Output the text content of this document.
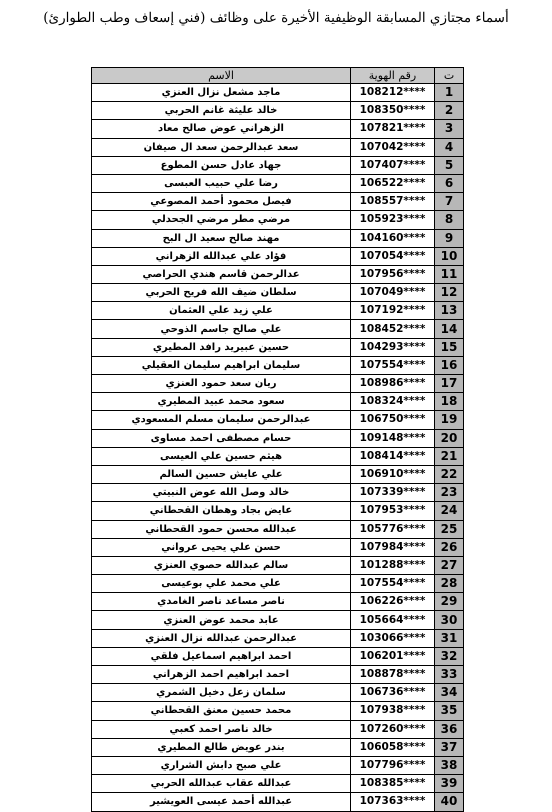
أسماء مجتازي المسابقة الوظيفية الأخيرة على وظائف (فني إسعاف وطب الطوارئ)
ت	رقم الهوية	الاسم
1	108212****	ماجد مشعل نزال العنزي
2	108350****	خالد عليثة غانم الحربي
3	107821****	الزهراني عوض صالح معاد
4	107042****	سعد عبدالرحمن سعد ال صيفان
5	107407****	جهاد عادل حسن المطوع
6	106522****	رضا علي حبيب العبسى
7	108557****	فيصل محمود أحمد المصوعي
8	105923****	مرضي مطر مرضي الجحدلي
9	104160****	مهند صالح سعيد ال البح
10	107054****	فؤاد علي عبدالله الزهراني
11	107956****	عدالرحمن قاسم هندي الحراصي
12	107049****	سلطان ضيف الله فريح الحربي
13	107192****	علي زيد علي العثمان
14	108452****	علي صالح جاسم الذوحي
15	104293****	حسين عبيريد رافد المطيري
16	107554****	سليمان ابراهيم سليمان العقيلي
17	108986****	ريان سعد حمود العنزي
18	108324****	سعود محمد عبيد المطيري
19	106750****	عبدالرحمن سليمان مسلم المسعودي
20	109148****	حسام مصطفى احمد مساوى
21	108414****	هيثم حسين علي العيسى
22	106910****	علي عايش حسين السالم
23	107339****	خالد وصل الله عوض النبيتي
24	107953****	عايض بجاد وهطان القحطاني
25	105776****	عبدالله محسن حمود القحطاني
26	107984****	حسن علي يحيى عرواني
27	101288****	سالم عبدالله حصوي العنزي
28	107554****	علي محمد علي بوعيسى
29	106226****	ناصر مساعد ناصر الغامدي
30	105664****	عابد محمد عوض العنزي
31	103066****	عبدالرحمن عبدالله نزال العنزي
32	106201****	احمد ابراهيم اسماعيل فلقي
33	108878****	احمد ابراهيم احمد الزهراني
34	106736****	سلمان زعل دخيل الشمري
35	107938****	محمد حسين معنق القحطاني
36	107260****	خالد ناصر احمد كعبي
37	106058****	بندر عويض طالع المطيري
38	107796****	علي صبح دابش الشراري
39	108385****	عبدالله عقاب عبدالله الحربي
40	107363****	عبدالله أحمد عيسى العويشير
